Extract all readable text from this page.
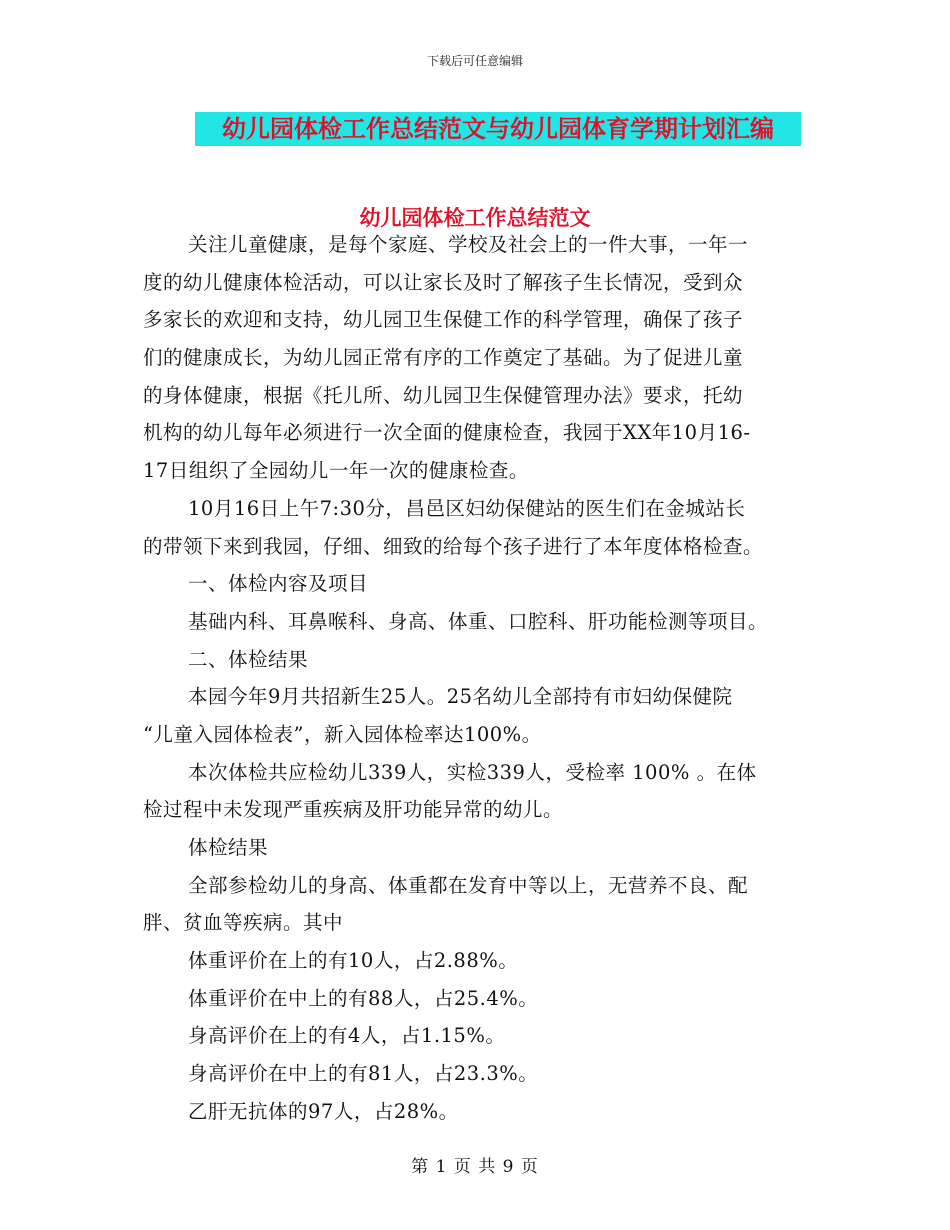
下载后可任意编辑
幼儿园体检工作总结范文与幼儿园体育学期计划汇编
幼儿园体检工作总结范文
关注儿童健康，是每个家庭、学校及社会上的一件大事，一年一
度的幼儿健康体检活动，可以让家长及时了解孩子生长情况，受到众
多家长的欢迎和支持，幼儿园卫生保健工作的科学管理，确保了孩子
们的健康成长，为幼儿园正常有序的工作奠定了基础。为了促进儿童
的身体健康，根据《托儿所、幼儿园卫生保健管理办法》要求，托幼
机构的幼儿每年必须进行一次全面的健康检查，我园于XX年10月16-
17日组织了全园幼儿一年一次的健康检查。
10月16日上午7:30分，昌邑区妇幼保健站的医生们在金城站长
的带领下来到我园，仔细、细致的给每个孩子进行了本年度体格检查。
一、体检内容及项目
基础内科、耳鼻喉科、身高、体重、口腔科、肝功能检测等项目。
二、体检结果
本园今年9月共招新生25人。25名幼儿全部持有市妇幼保健院
“儿童入园体检表”，新入园体检率达100%。
本次体检共应检幼儿339人，实检339人，受检率 100% 。在体
检过程中未发现严重疾病及肝功能异常的幼儿。
体检结果
全部参检幼儿的身高、体重都在发育中等以上，无营养不良、配
胖、贫血等疾病。其中
体重评价在上的有10人，占2.88%。
体重评价在中上的有88人，占25.4%。
身高评价在上的有4人，占1.15%。
身高评价在中上的有81人，占23.3%。
乙肝无抗体的97人，占28%。
第 1 页 共 9 页
